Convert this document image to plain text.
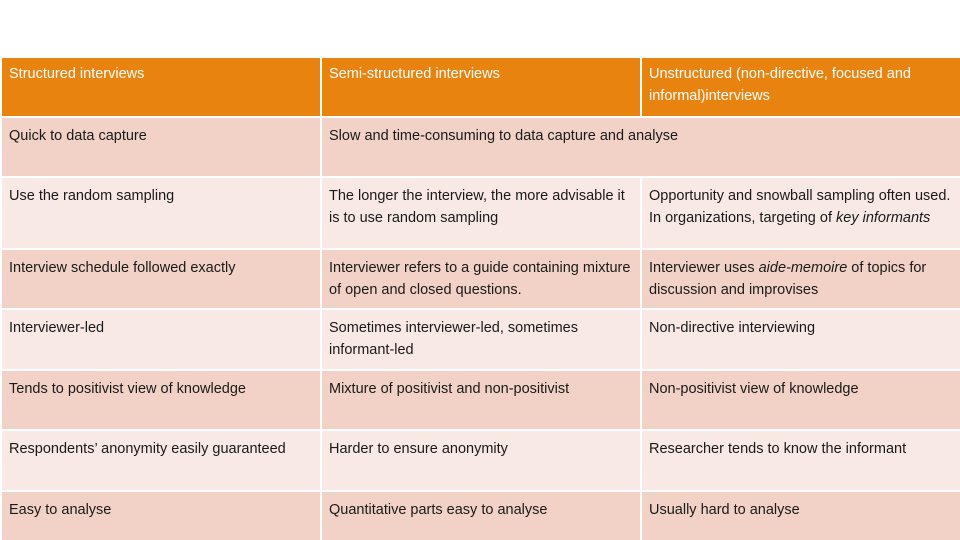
Structured interviews	Semi-structured interviews	Unstructured (non-directive, focused and informal)interviews
Quick to data capture	Slow and time-consuming to data capture and analyse	
Use the random sampling	The longer the interview, the more advisable it is to use random sampling	Opportunity and snowball sampling often used. In organizations, targeting of key informants
Interview schedule followed exactly	Interviewer refers to a guide containing mixture of open and closed questions.	Interviewer uses aide-memoire of topics for discussion and improvises
Interviewer-led	Sometimes interviewer-led, sometimes informant-led	Non-directive interviewing
Tends to positivist view of knowledge	Mixture of positivist and non-positivist	Non-positivist view of knowledge
Respondents’ anonymity easily guaranteed	Harder to ensure anonymity	Researcher tends to know the informant
Easy to analyse	Quantitative parts easy to analyse	Usually hard to analyse
